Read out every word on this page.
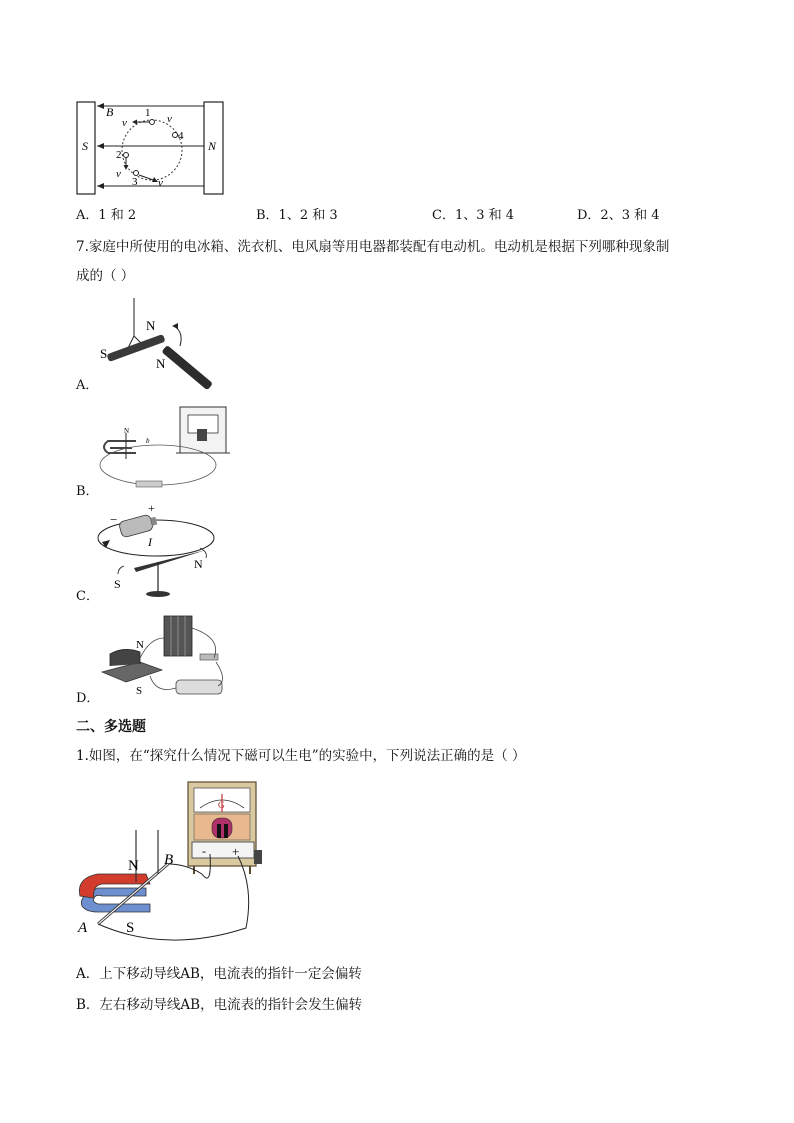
B
S	N
1
4
2
3
v	v
v
v
A．1 和 2	B．1、2 和 3	C．1、3 和 4	D．2、3 和 4
7.家庭中所使用的电冰箱、洗衣机、电风扇等用电器都装配有电动机。电动机是根据下列哪种现象制
成的（ ）
S
N
N
A．
b
N
B．
−
+
I
S
N
C．
N
S
D．
二、多选题
1.如图，在“探究什么情况下磁可以生电”的实验中，下列说法正确的是（ ）
G
- +
N
S
A
B
A．上下移动导线AB，电流表的指针一定会偏转
B．左右移动导线AB，电流表的指针会发生偏转
